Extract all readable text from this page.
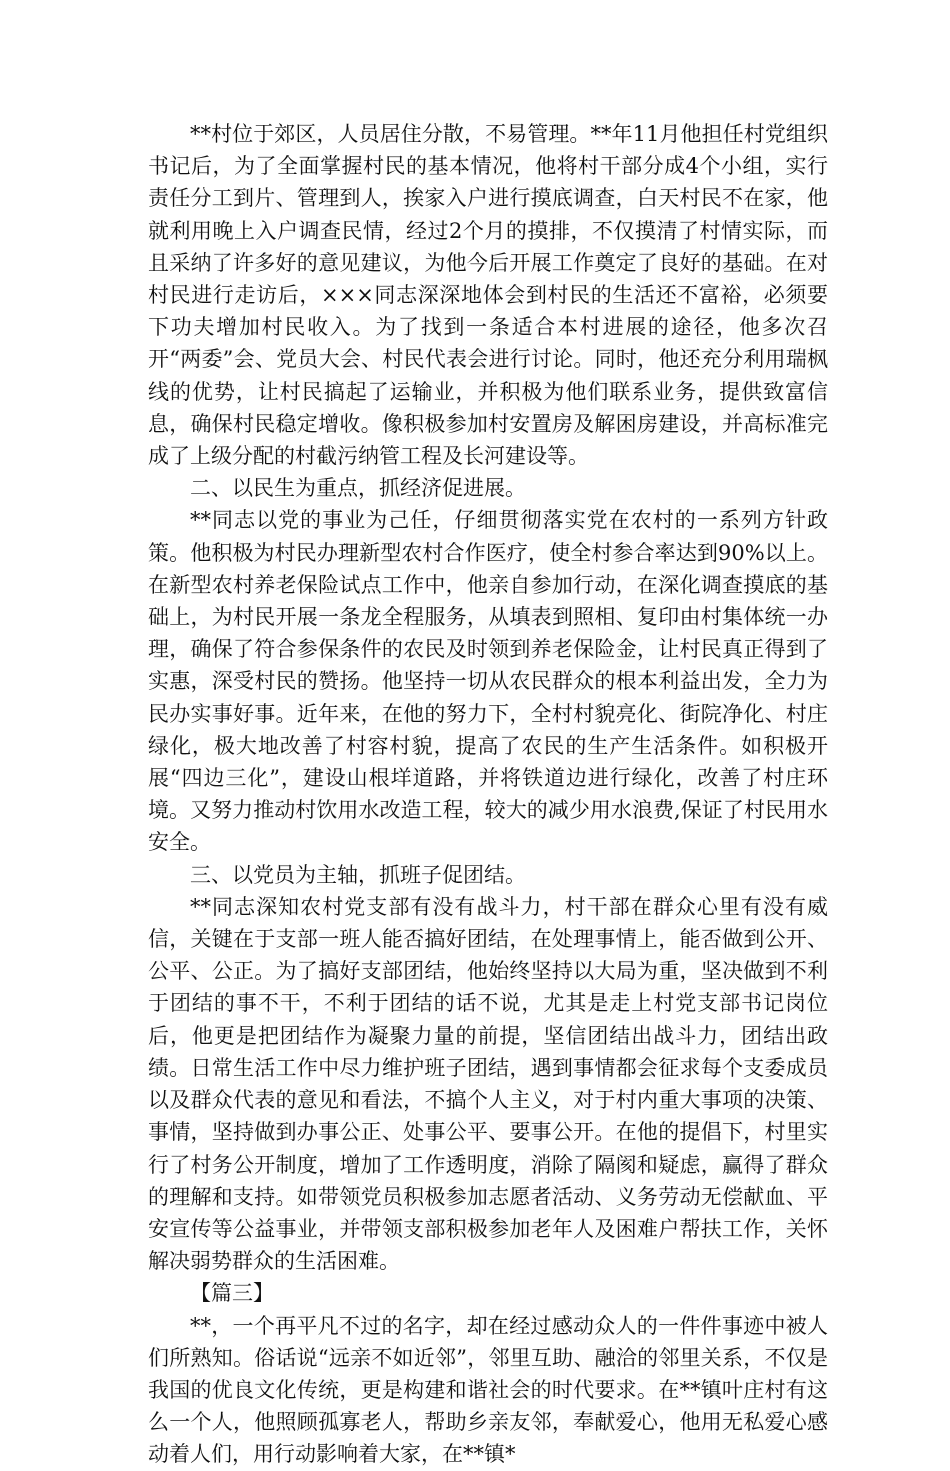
**村位于郊区，人员居住分散，不易管理。**年11月他担任村党组织书记后，为了全面掌握村民的基本情况，他将村干部分成4个小组，实行责任分工到片、管理到人，挨家入户进行摸底调查，白天村民不在家，他就利用晚上入户调查民情，经过2个月的摸排，不仅摸清了村情实际，而且采纳了许多好的意见建议，为他今后开展工作奠定了良好的基础。在对村民进行走访后，×××同志深深地体会到村民的生活还不富裕，必须要下功夫增加村民收入。为了找到一条适合本村进展的途径，他多次召开“两委”会、党员大会、村民代表会进行讨论。同时，他还充分利用瑞枫线的优势，让村民搞起了运输业，并积极为他们联系业务，提供致富信息，确保村民稳定增收。像积极参加村安置房及解困房建设，并高标准完成了上级分配的村截污纳管工程及长河建设等。

二、以民生为重点，抓经济促进展。

**同志以党的事业为己任，仔细贯彻落实党在农村的一系列方针政策。他积极为村民办理新型农村合作医疗，使全村参合率达到90%以上。在新型农村养老保险试点工作中，他亲自参加行动，在深化调查摸底的基础上，为村民开展一条龙全程服务，从填表到照相、复印由村集体统一办理，确保了符合参保条件的农民及时领到养老保险金，让村民真正得到了实惠，深受村民的赞扬。他坚持一切从农民群众的根本利益出发，全力为民办实事好事。近年来，在他的努力下，全村村貌亮化、街院净化、村庄绿化，极大地改善了村容村貌，提高了农民的生产生活条件。如积极开展“四边三化”，建设山根垟道路，并将铁道边进行绿化，改善了村庄环境。又努力推动村饮用水改造工程，较大的减少用水浪费,保证了村民用水安全。

三、以党员为主轴，抓班子促团结。

**同志深知农村党支部有没有战斗力，村干部在群众心里有没有威信，关键在于支部一班人能否搞好团结，在处理事情上，能否做到公开、公平、公正。为了搞好支部团结，他始终坚持以大局为重，坚决做到不利于团结的事不干，不利于团结的话不说，尤其是走上村党支部书记岗位后，他更是把团结作为凝聚力量的前提，坚信团结出战斗力，团结出政绩。日常生活工作中尽力维护班子团结，遇到事情都会征求每个支委成员以及群众代表的意见和看法，不搞个人主义，对于村内重大事项的决策、事情，坚持做到办事公正、处事公平、要事公开。在他的提倡下，村里实行了村务公开制度，增加了工作透明度，消除了隔阂和疑虑，赢得了群众的理解和支持。如带领党员积极参加志愿者活动、义务劳动无偿献血、平安宣传等公益事业，并带领支部积极参加老年人及困难户帮扶工作，关怀解决弱势群众的生活困难。

【篇三】

**，一个再平凡不过的名字，却在经过感动众人的一件件事迹中被人们所熟知。俗话说“远亲不如近邻”，邻里互助、融洽的邻里关系，不仅是我国的优良文化传统，更是构建和谐社会的时代要求。在**镇叶庄村有这么一个人，他照顾孤寡老人，帮助乡亲友邻，奉献爱心，他用无私爱心感动着人们，用行动影响着大家，在**镇*
